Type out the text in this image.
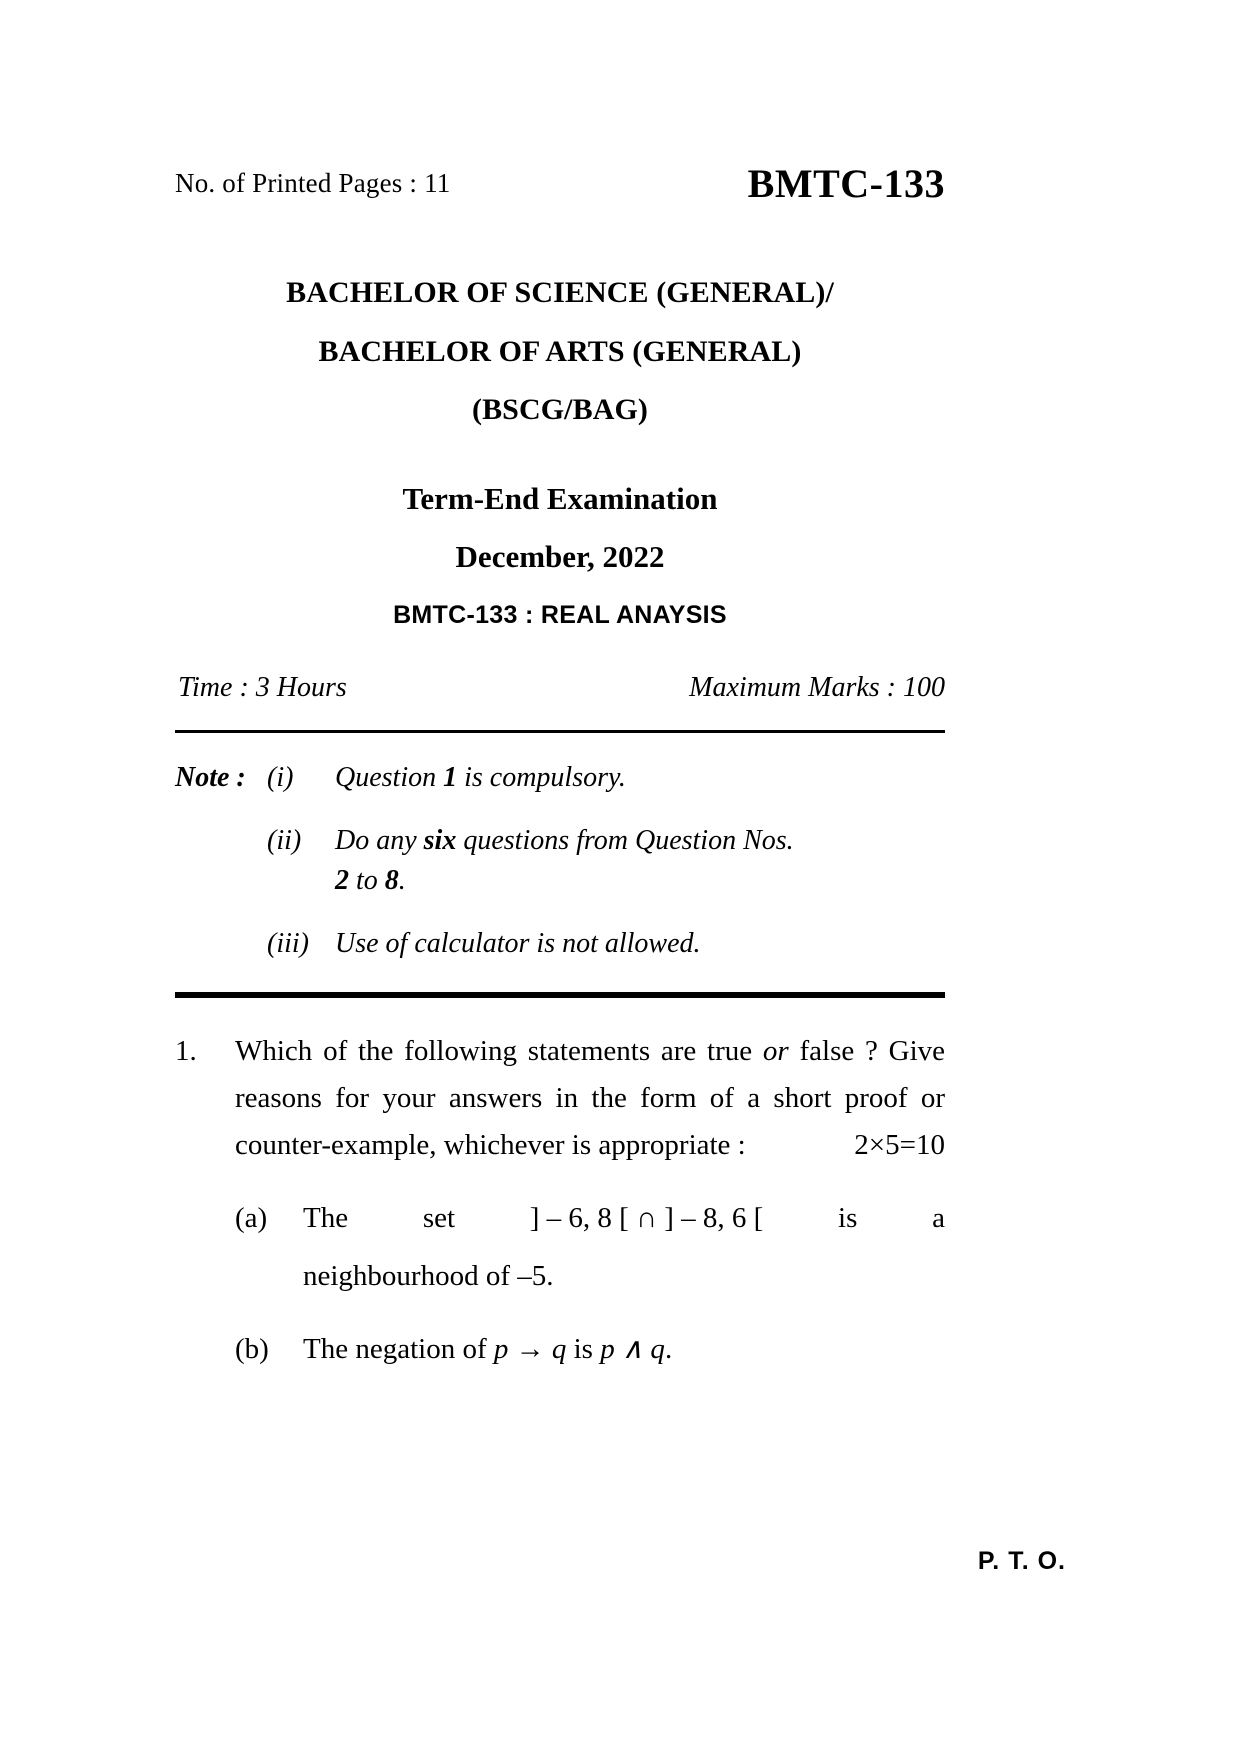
No. of Printed Pages : 11	BMTC-133
BACHELOR OF SCIENCE (GENERAL)/
BACHELOR OF ARTS (GENERAL)
(BSCG/BAG)
Term-End Examination
December, 2022
BMTC-133 : REAL ANAYSIS
Time : 3 Hours	Maximum Marks : 100
Note : (i)	Question 1 is compulsory.
(ii)	Do any six questions from Question Nos.
2 to 8.
(iii) Use of calculator is not allowed.
1.	Which of the following statements are true or false ? Give reasons for your answers in the form of a short proof or counter-example, whichever is appropriate :	2×5=10

(a)	The	set	] – 6, 8 [ ∩ ] – 8, 6 [	is	a
neighbourhood of –5.
(b)	The negation of p → q is p ∧ q.
P. T. O.
